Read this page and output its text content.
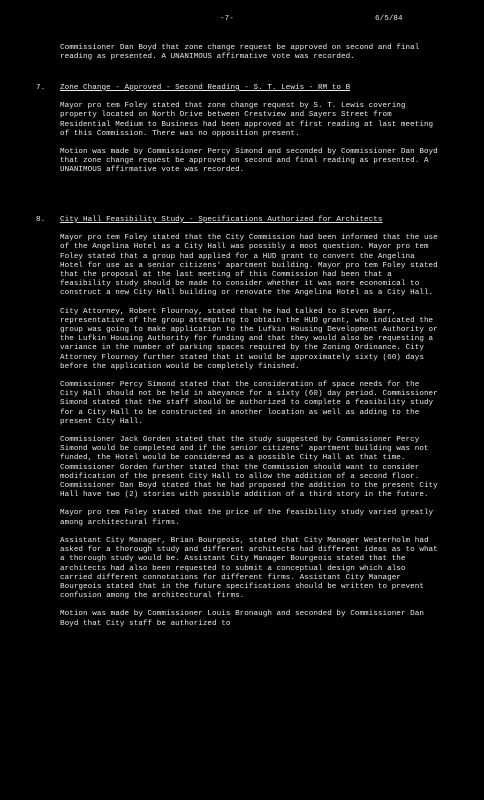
-7-	6/5/84

Commissioner Dan Boyd that zone change request be approved on second and final reading as presented. A UNANIMOUS affirmative vote was recorded.

7. Zone Change - Approved - Second Reading - S. T. Lewis - RM to B

Mayor pro tem Foley stated that zone change request by S. T. Lewis covering property located on North Drive between Crestview and Sayers Street from Residential Medium to Business had been approved at first reading at last meeting of this Commission. There was no opposition present.

Motion was made by Commissioner Percy Simond and seconded by Commissioner Dan Boyd that zone change request be approved on second and final reading as presented. A UNANIMOUS affirmative vote was recorded.

8. City Hall Feasibility Study - Specifications Authorized for Architects

Mayor pro tem Foley stated that the City Commission had been informed that the use of the Angelina Hotel as a City Hall was possibly a moot question. Mayor pro tem Foley stated that a group had applied for a HUD grant to convert the Angelina Hotel for use as a senior citizens' apartment building. Mayor pro tem Foley stated that the proposal at the last meeting of this Commission had been that a feasibility study should be made to consider whether it was more economical to construct a new City Hall building or renovate the Angelina Hotel as a City Hall.

City Attorney, Robert Flournoy, stated that he had talked to Steven Barr, representative of the group attempting to obtain the HUD grant, who indicated the group was going to make application to the Lufkin Housing Development Authority or the Lufkin Housing Authority for funding and that they would also be requesting a variance in the number of parking spaces required by the Zoning Ordinance. City Attorney Flournoy further stated that it would be approximately sixty (60) days before the application would be completely finished.

Commissioner Percy Simond stated that the consideration of space needs for the City Hall should not be held in abeyance for a sixty (60) day period. Commissioner Simond stated that the staff should be authorized to complete a feasibility study for a City Hall to be constructed in another location as well as adding to the present City Hall.

Commissioner Jack Gorden stated that the study suggested by Commissioner Percy Simond would be completed and if the senior citizens' apartment building was not funded, the Hotel would be considered as a possible City Hall at that time. Commissioner Gorden further stated that the Commission should want to consider modification of the present City Hall to allow the addition of a second floor. Commissioner Dan Boyd stated that he had proposed the addition to the present City Hall have two (2) stories with possible addition of a third story in the future.

Mayor pro tem Foley stated that the price of the feasibility study varied greatly among architectural firms.

Assistant City Manager, Brian Bourgeois, stated that City Manager Westerholm had asked for a thorough study and different architects had different ideas as to what a thorough study would be. Assistant City Manager Bourgeois stated that the architects had also been requested to submit a conceptual design which also carried different connotations for different firms. Assistant City Manager Bourgeois stated that in the future specifications should be written to prevent confusion among the architectural firms.

Motion was made by Commissioner Louis Bronaugh and seconded by Commissioner Dan Boyd that City staff be authorized to
